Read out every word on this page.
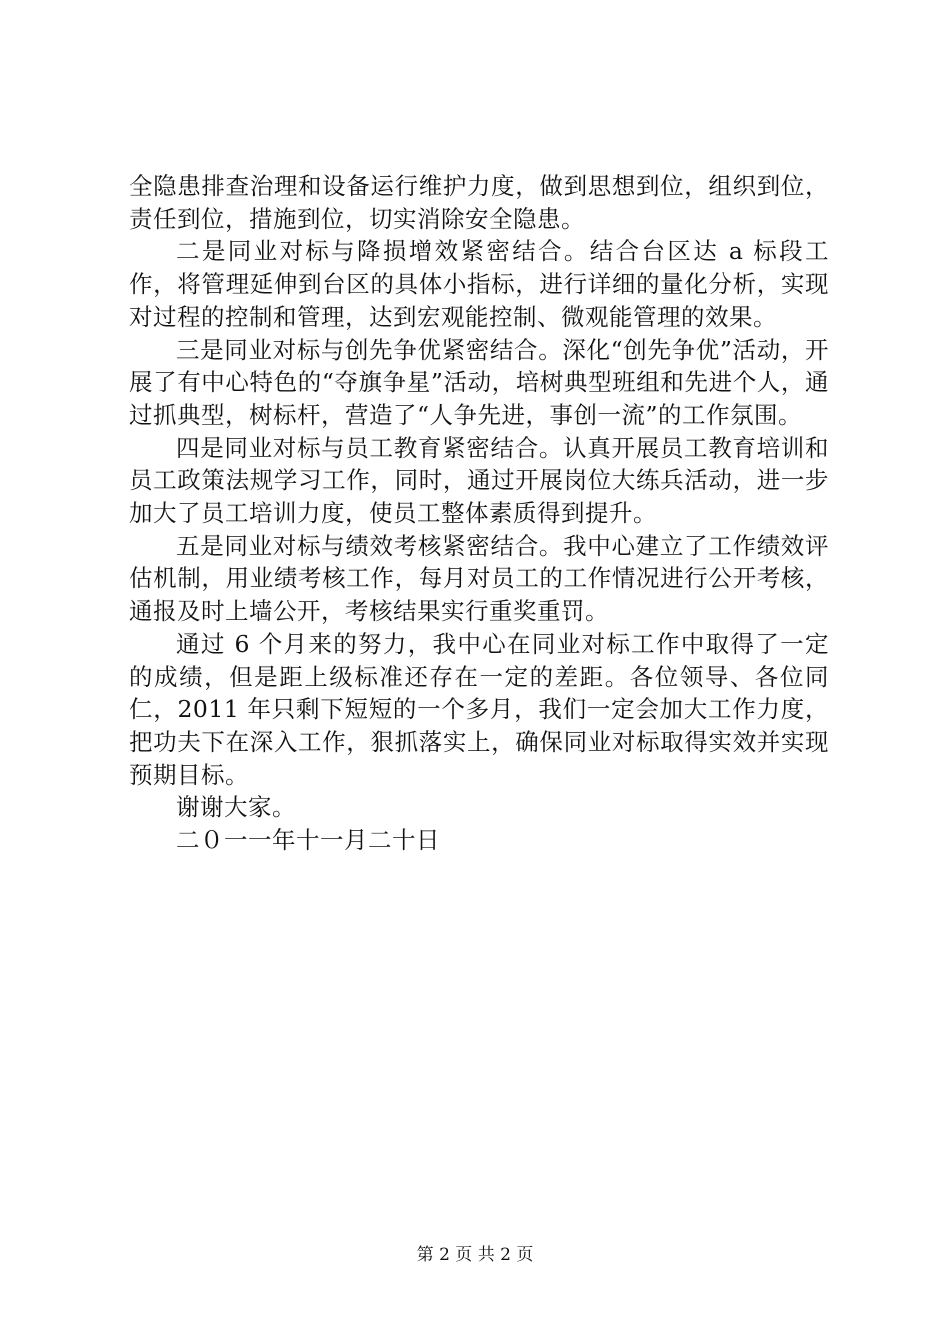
全隐患排查治理和设备运行维护力度，做到思想到位，组织到位，责任到位，措施到位，切实消除安全隐患。

二是同业对标与降损增效紧密结合。结合台区达 a 标段工作，将管理延伸到台区的具体小指标，进行详细的量化分析，实现对过程的控制和管理，达到宏观能控制、微观能管理的效果。

三是同业对标与创先争优紧密结合。深化“创先争优”活动，开展了有中心特色的“夺旗争星”活动，培树典型班组和先进个人，通过抓典型，树标杆，营造了“人争先进，事创一流”的工作氛围。

四是同业对标与员工教育紧密结合。认真开展员工教育培训和员工政策法规学习工作，同时，通过开展岗位大练兵活动，进一步加大了员工培训力度，使员工整体素质得到提升。

五是同业对标与绩效考核紧密结合。我中心建立了工作绩效评估机制，用业绩考核工作，每月对员工的工作情况进行公开考核，通报及时上墙公开，考核结果实行重奖重罚。

通过 6 个月来的努力，我中心在同业对标工作中取得了一定的成绩，但是距上级标准还存在一定的差距。各位领导、各位同仁，2011 年只剩下短短的一个多月，我们一定会加大工作力度，把功夫下在深入工作，狠抓落实上，确保同业对标取得实效并实现预期目标。

谢谢大家。

二０一一年十一月二十日

第 2 页 共 2 页
